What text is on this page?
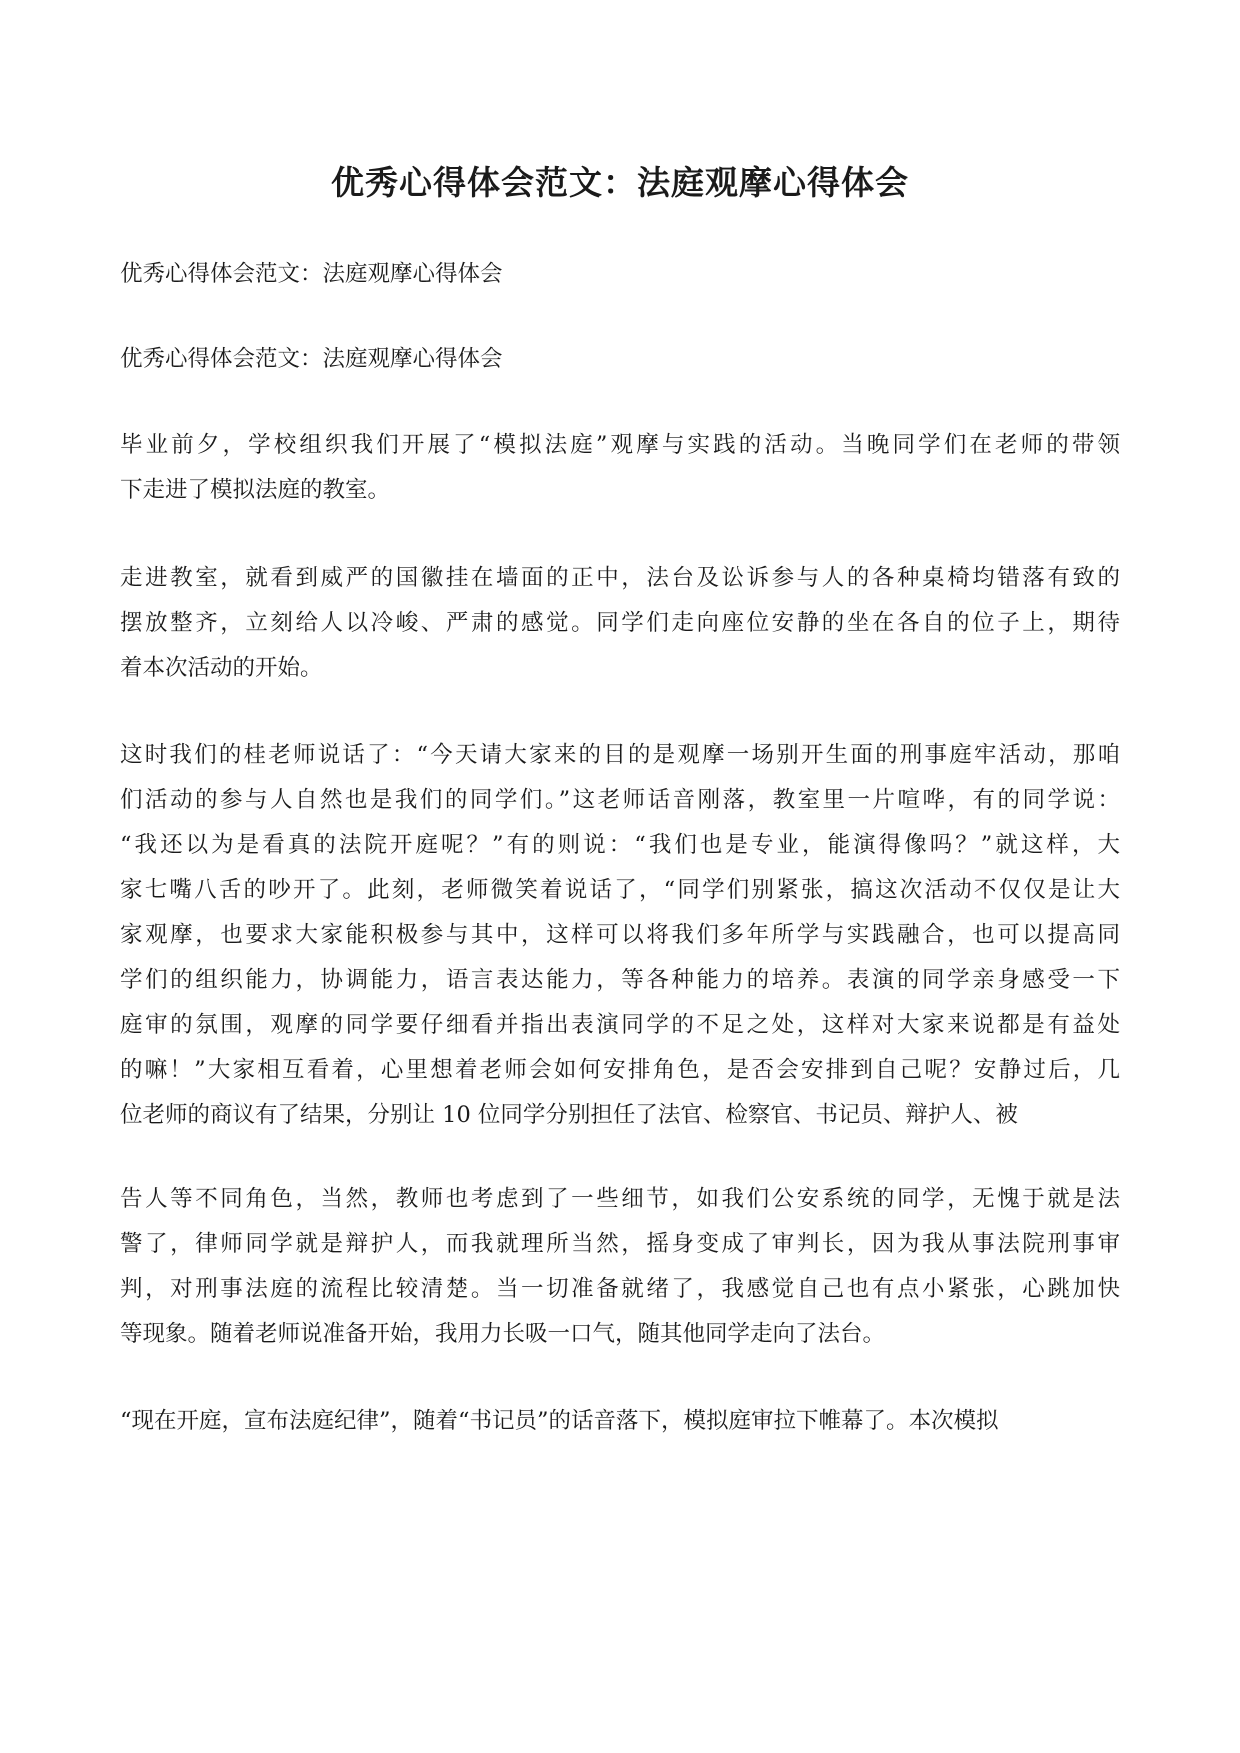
优秀心得体会范文：法庭观摩心得体会
优秀心得体会范文：法庭观摩心得体会
优秀心得体会范文：法庭观摩心得体会
毕业前夕，学校组织我们开展了“模拟法庭”观摩与实践的活动。当晚同学们在老师的带领
下走进了模拟法庭的教室。
走进教室，就看到威严的国徽挂在墙面的正中，法台及讼诉参与人的各种桌椅均错落有致的
摆放整齐，立刻给人以冷峻、严肃的感觉。同学们走向座位安静的坐在各自的位子上，期待
着本次活动的开始。
这时我们的桂老师说话了：“今天请大家来的目的是观摩一场别开生面的刑事庭牢活动，那咱
们活动的参与人自然也是我们的同学们。”这老师话音刚落，教室里一片喧哗，有的同学说：
“我还以为是看真的法院开庭呢？”有的则说：“我们也是专业，能演得像吗？”就这样，大
家七嘴八舌的吵开了。此刻，老师微笑着说话了，“同学们别紧张，搞这次活动不仅仅是让大
家观摩，也要求大家能积极参与其中，这样可以将我们多年所学与实践融合，也可以提高同
学们的组织能力，协调能力，语言表达能力，等各种能力的培养。表演的同学亲身感受一下
庭审的氛围，观摩的同学要仔细看并指出表演同学的不足之处，这样对大家来说都是有益处
的嘛！”大家相互看着，心里想着老师会如何安排角色，是否会安排到自己呢？安静过后，几
位老师的商议有了结果，分别让 10 位同学分别担任了法官、检察官、书记员、辩护人、被
告人等不同角色，当然，教师也考虑到了一些细节，如我们公安系统的同学，无愧于就是法
警了，律师同学就是辩护人，而我就理所当然，摇身变成了审判长，因为我从事法院刑事审
判，对刑事法庭的流程比较清楚。当一切准备就绪了，我感觉自己也有点小紧张，心跳加快
等现象。随着老师说准备开始，我用力长吸一口气，随其他同学走向了法台。
“现在开庭，宣布法庭纪律”，随着“书记员”的话音落下，模拟庭审拉下帷幕了。本次模拟
